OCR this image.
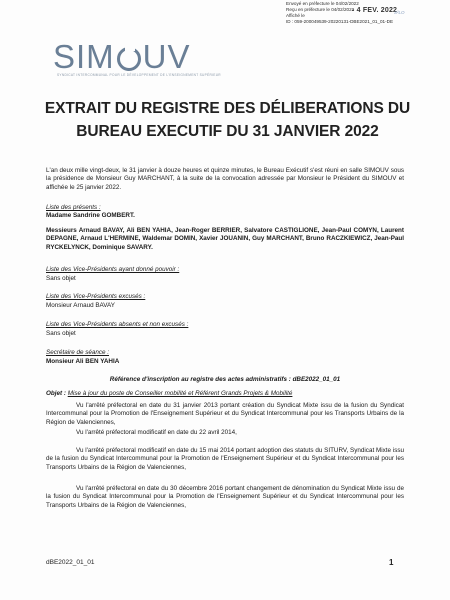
Envoyé en préfecture le 04/02/2022
Reçu en préfecture le 04/02/2022
Affiché le
ID : 059-200049539-20220131-DBE2021_01_01-DE
- 4 FEV. 2022
S²LO
SIM UV
SYNDICAT INTERCOMMUNAL POUR LE DÉVELOPPEMENT DE L'ENSEIGNEMENT SUPÉRIEUR
EXTRAIT DU REGISTRE DES DÉLIBERATIONS DU
BUREAU EXECUTIF DU 31 JANVIER 2022

L'an deux mille vingt-deux, le 31 janvier à douze heures et quinze minutes, le Bureau Exécutif s'est réuni en salle SIMOUV sous la présidence de Monsieur Guy MARCHANT, à la suite de la convocation adressée par Monsieur le Président du SIMOUV et affichée le 25 janvier 2022.

Liste des présents :

Madame Sandrine GOMBERT.

Messieurs Arnaud BAVAY, Ali BEN YAHIA, Jean-Roger BERRIER, Salvatore CASTIGLIONE, Jean-Paul COMYN, Laurent DEPAGNE, Arnaud L'HERMINE, Waldemar DOMIN, Xavier JOUANIN, Guy MARCHANT, Bruno RACZKIEWICZ, Jean-Paul RYCKELYNCK, Dominique SAVARY.

Liste des Vice-Présidents ayant donné pouvoir :

Sans objet

Liste des Vice-Présidents excusés :

Monsieur Arnaud BAVAY

Liste des Vice-Présidents absents et non excusés :

Sans objet

Secrétaire de séance :

Monsieur Ali BEN YAHIA

Référence d'inscription au registre des actes administratifs : dBE2022_01_01

Objet : Mise à jour du poste de Conseiller mobilité et Référent Grands Projets & Mobilité

Vu l'arrêté préfectoral en date du 31 janvier 2013 portant création du Syndicat Mixte issu de la fusion du Syndicat Intercommunal pour la Promotion de l'Enseignement Supérieur et du Syndicat Intercommunal pour les Transports Urbains de la Région de Valenciennes,

Vu l'arrêté préfectoral modificatif en date du 22 avril 2014,

Vu l'arrêté préfectoral modificatif en date du 15 mai 2014 portant adoption des statuts du SITURV, Syndicat Mixte issu de la fusion du Syndicat Intercommunal pour la Promotion de l'Enseignement Supérieur et du Syndicat Intercommunal pour les Transports Urbains de la Région de Valenciennes,

Vu l'arrêté préfectoral en date du 30 décembre 2016 portant changement de dénomination du Syndicat Mixte issu de la fusion du Syndicat Intercommunal pour la Promotion de l'Enseignement Supérieur et du Syndicat Intercommunal pour les Transports Urbains de la Région de Valenciennes,

dBE2022_01_01	1
